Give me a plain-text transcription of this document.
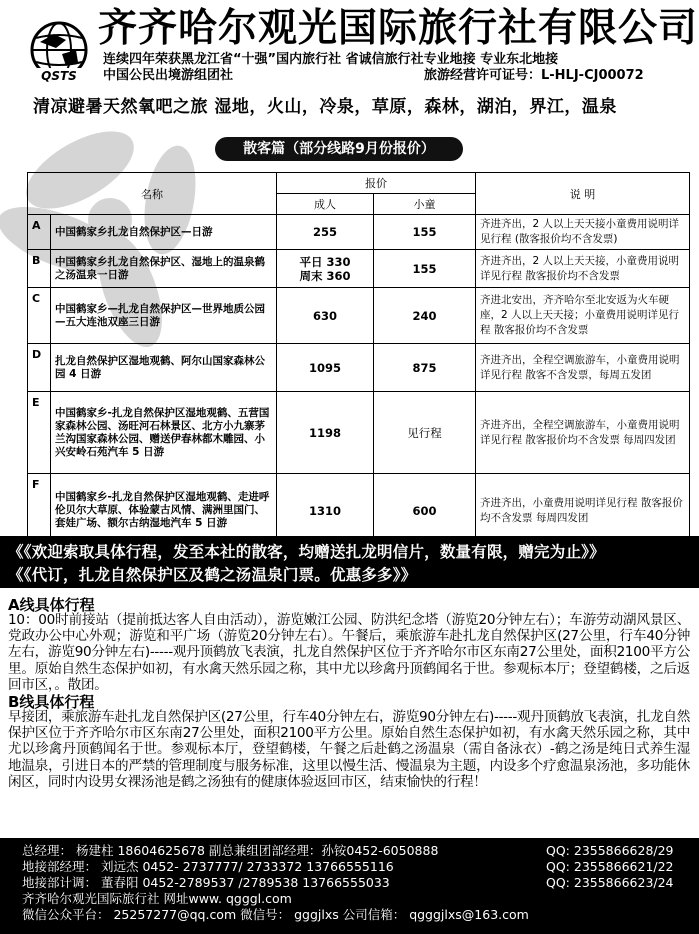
QSTS
齐齐哈尔观光国际旅行社有限公司
连续四年荣获黑龙江省“十强”国内旅行社 省诚信旅行社专业地接 专业东北地接
中国公民出境游组团社	旅游经营许可证号：L-HLJ-CJ00072
清凉避暑天然氧吧之旅 湿地，火山，冷泉，草原，森林，湖泊，界江，温泉
散客篇（部分线路9月份报价）
名称		报价		说 明
		成人	小童	
A	中国鹤家乡扎龙自然保护区—日游	255	155	齐进齐出，2 人以上天天接小童费用说明详见行程 (散客报价均不含发票)
B	中国鹤家乡扎龙自然保护区、湿地上的温泉鹤之汤温泉一日游	平日 330
周末 360	155	齐进齐出，2 人以上天天接，小童费用说明详见行程 散客报价均不含发票
C	中国鹤家乡—扎龙自然保护区—世界地质公园—五大连池双座三日游	630	240	齐进北安出，齐齐哈尔至北安返为火车硬座，2 人以上天天接；小童费用说明详见行程 散客报价均不含发票
D	扎龙自然保护区湿地观鹤、阿尔山国家森林公园 4 日游	1095	875	齐进齐出，全程空调旅游车，小童费用说明详见行程 散客不含发票，每周五发团
E	中国鹤家乡-扎龙自然保护区湿地观鹤、五营国家森林公园、汤旺河石林景区、北方小九寨茅兰沟国家森林公园、赠送伊春林都木雕园、小兴安岭石苑汽车 5 日游	1198	见行程	齐进齐出，全程空调旅游车，小童费用说明详见行程 散客报价均不含发票 每周四发团
F	中国鹤家乡-扎龙自然保护区湿地观鹤、走进呼伦贝尔大草原、体验蒙古风情、满洲里国门、套娃广场、额尔古纳湿地汽车 5 日游	1310	600	齐进齐出，小童费用说明详见行程 散客报价均不含发票 每周四发团
《《欢迎索取具体行程，发至本社的散客，均赠送扎龙明信片，数量有限，赠完为止》》
《《代订，扎龙自然保护区及鹤之汤温泉门票。优惠多多》》
A线具体行程
10：00时前接站（提前抵达客人自由活动），游览嫩江公园、防洪纪念塔（游览20分钟左右）；车游劳动湖风景区、党政办公中心外观；游览和平广场（游览20分钟左右）。午餐后，乘旅游车赴扎龙自然保护区(27公里，行车40分钟左右，游览90分钟左右)-----观丹顶鹤放飞表演，扎龙自然保护区位于齐齐哈尔市区东南27公里处，面积2100平方公里。原始自然生态保护如初，有水禽天然乐园之称，其中尤以珍禽丹顶鹤闻名于世。参观标本厅；登望鹤楼，之后返回市区，。散团。
B线具体行程
早接团，乘旅游车赴扎龙自然保护区(27公里，行车40分钟左右，游览90分钟左右)-----观丹顶鹤放飞表演，扎龙自然保护区位于齐齐哈尔市区东南27公里处，面积2100平方公里。原始自然生态保护如初，有水禽天然乐园之称，其中尤以珍禽丹顶鹤闻名于世。参观标本厅，登望鹤楼，午餐之后赴鹤之汤温泉（需自备泳衣）-鹤之汤是纯日式养生湿地温泉，引进日本的严禁的管理制度与服务标准，这里以慢生活、慢温泉为主题，内设多个疗愈温泉汤池，多功能休闲区，同时内设男女裸汤池是鹤之汤独有的健康体验返回市区，结束愉快的行程！
总经理： 杨建柱 18604625678 副总兼组团部经理：孙铵0452-6050888	QQ: 2355866628/29
地接部经理： 刘远杰 0452- 2737777/ 2733372 13766555116	QQ: 2355866621/22
地接部计调： 董春阳 0452-2789537 /2789538 13766555033	QQ: 2355866623/24
齐齐哈尔观光国际旅行社 网址www. qgggl.com
微信公众平台： 25257277@qq.com 微信号： gggjlxs 公司信箱： qgggjlxs@163.com
